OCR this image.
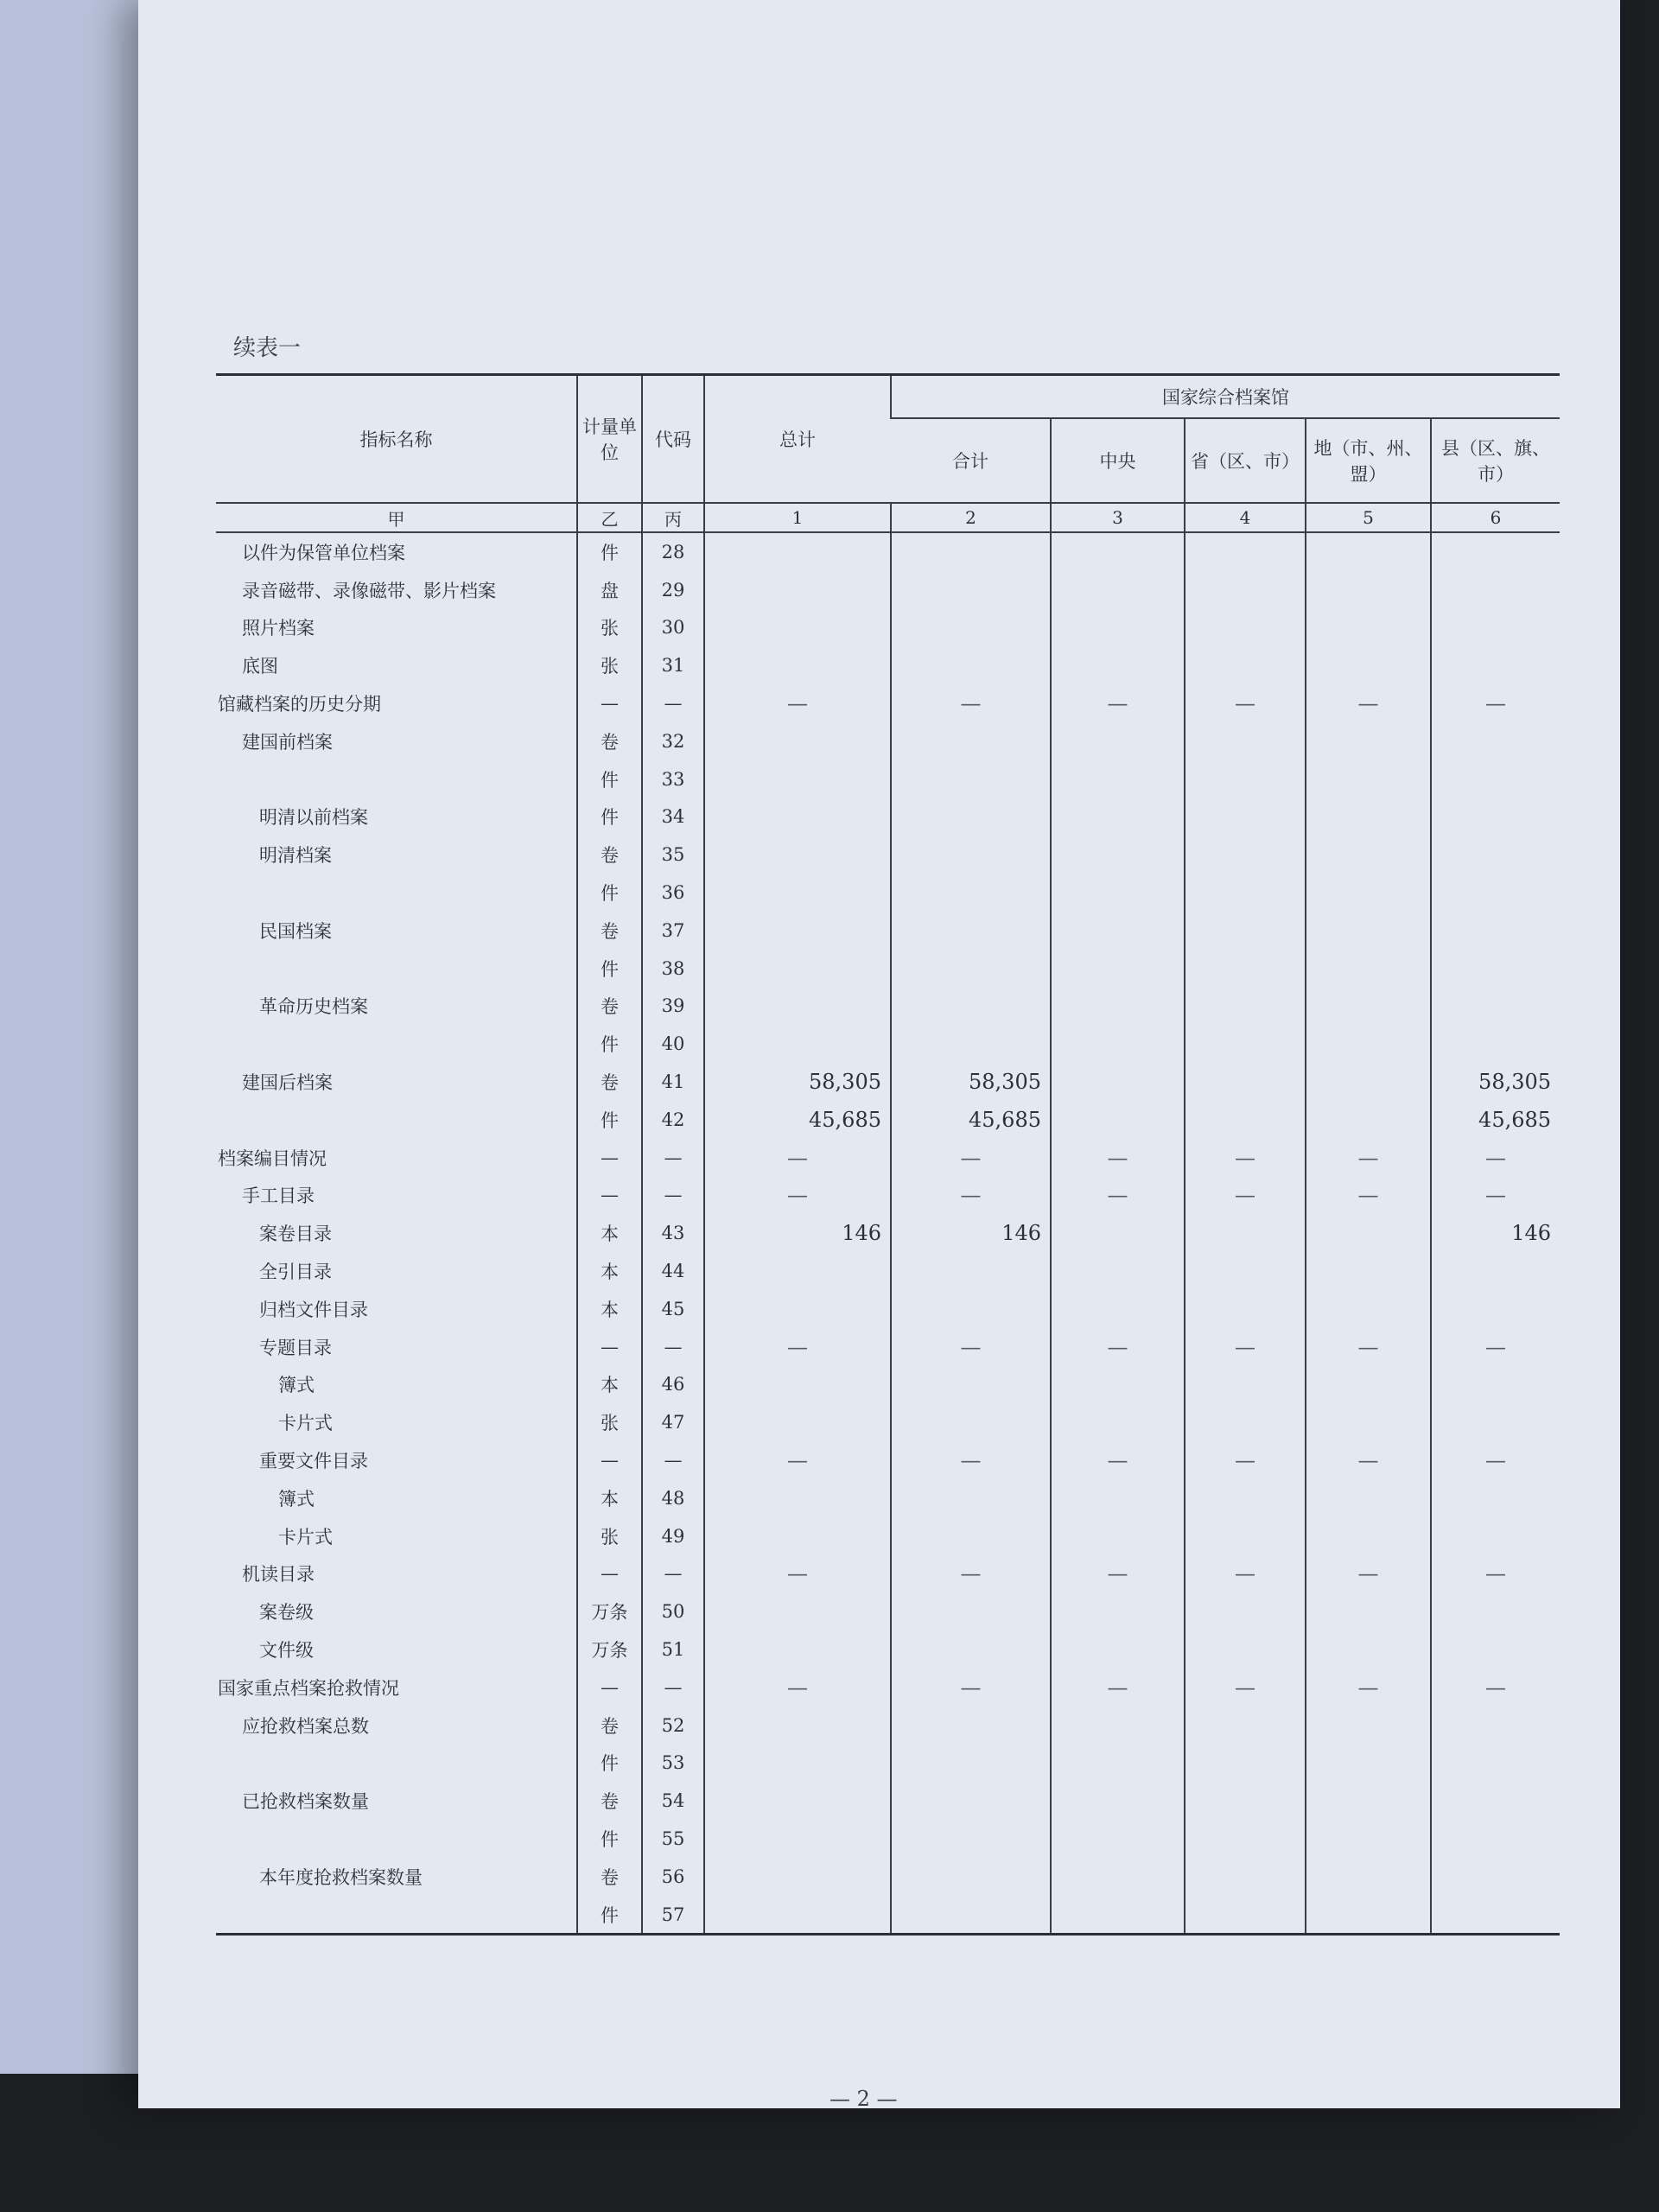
续表一
指标名称	计量单位	代码	总计	国家综合档案馆				
				合计	中央	省（区、市）	地（市、州、盟）	县（区、旗、市）
甲	乙	丙	1	2	3	4	5	6
以件为保管单位档案	件	28						
录音磁带、录像磁带、影片档案	盘	29						
照片档案	张	30						
底图	张	31						
馆藏档案的历史分期	—	—	—	—	—	—	—	—
建国前档案	卷	32						
	件	33						
明清以前档案	件	34						
明清档案	卷	35						
	件	36						
民国档案	卷	37						
	件	38						
革命历史档案	卷	39						
	件	40						
建国后档案	卷	41	58,305	58,305				58,305
	件	42	45,685	45,685				45,685
档案编目情况	—	—	—	—	—	—	—	—
手工目录	—	—	—	—	—	—	—	—
案卷目录	本	43	146	146				146
全引目录	本	44						
归档文件目录	本	45						
专题目录	—	—	—	—	—	—	—	—
簿式	本	46						
卡片式	张	47						
重要文件目录	—	—	—	—	—	—	—	—
簿式	本	48						
卡片式	张	49						
机读目录	—	—	—	—	—	—	—	—
案卷级	万条	50						
文件级	万条	51						
国家重点档案抢救情况	—	—	—	—	—	—	—	—
应抢救档案总数	卷	52						
	件	53						
已抢救档案数量	卷	54						
	件	55						
本年度抢救档案数量	卷	56						
	件	57						
— 2 —
